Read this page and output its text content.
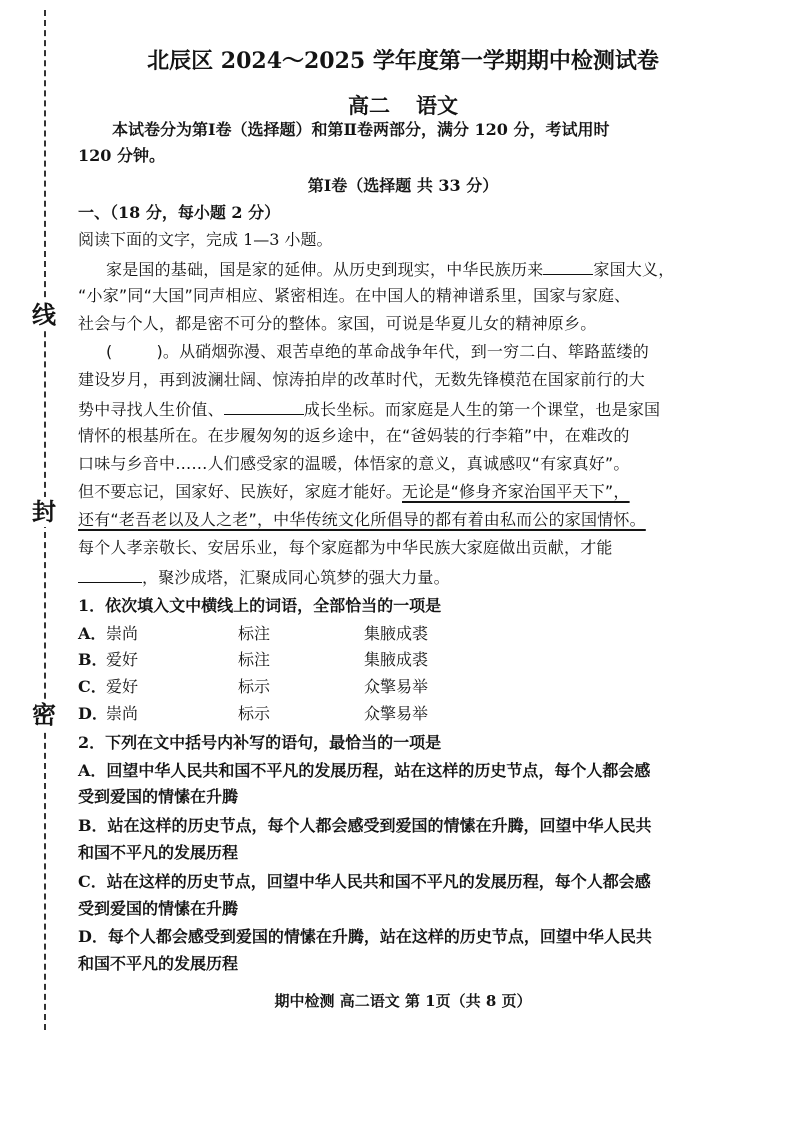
线
封
密
北辰区 2024～2025 学年度第一学期期中检测试卷
高二 语文
本试卷分为第Ⅰ卷（选择题）和第Ⅱ卷两部分，满分 120 分，考试用时
120 分钟。
第Ⅰ卷（选择题 共 33 分）
一、（18 分，每小题 2 分）
阅读下面的文字，完成 1—3 小题。
家是国的基础，国是家的延伸。从历史到现实，中华民族历来	家国大义，
“小家”同“大国”同声相应、紧密相连。在中国人的精神谱系里，国家与家庭、
社会与个人，都是密不可分的整体。家国，可说是华夏儿女的精神原乡。
(	)。从硝烟弥漫、艰苦卓绝的革命战争年代，到一穷二白、筚路蓝缕的
建设岁月，再到波澜壮阔、惊涛拍岸的改革时代，无数先锋模范在国家前行的大
势中寻找人生价值、	成长坐标。而家庭是人生的第一个课堂，也是家国
情怀的根基所在。在步履匆匆的返乡途中，在“爸妈装的行李箱”中，在难改的
口味与乡音中……人们感受家的温暖，体悟家的意义，真诚感叹“有家真好”。
但不要忘记，国家好、民族好，家庭才能好。无论是“修身齐家治国平天下”，
还有“老吾老以及人之老”，中华传统文化所倡导的都有着由私而公的家国情怀。
每个人孝亲敬长、安居乐业，每个家庭都为中华民族大家庭做出贡献，才能
，聚沙成塔，汇聚成同心筑梦的强大力量。
1．依次填入文中横线上的词语，全部恰当的一项是
A． 崇尚	标注	集腋成裘
B．
爱好	标注	集腋成裘
C． 爱好	标示	众擎易举
D．
崇尚	标示	众擎易举
2．下列在文中括号内补写的语句，最恰当的一项是
A．回望中华人民共和国不平凡的发展历程，站在这样的历史节点，每个人都会感
受到爱国的情愫在升腾
B．站在这样的历史节点，每个人都会感受到爱国的情愫在升腾，回望中华人民共
和国不平凡的发展历程
C．站在这样的历史节点，回望中华人民共和国不平凡的发展历程，每个人都会感
受到爱国的情愫在升腾
D．每个人都会感受到爱国的情愫在升腾，站在这样的历史节点，回望中华人民共
和国不平凡的发展历程
期中检测 高二语文 第 1页（共 8 页）
